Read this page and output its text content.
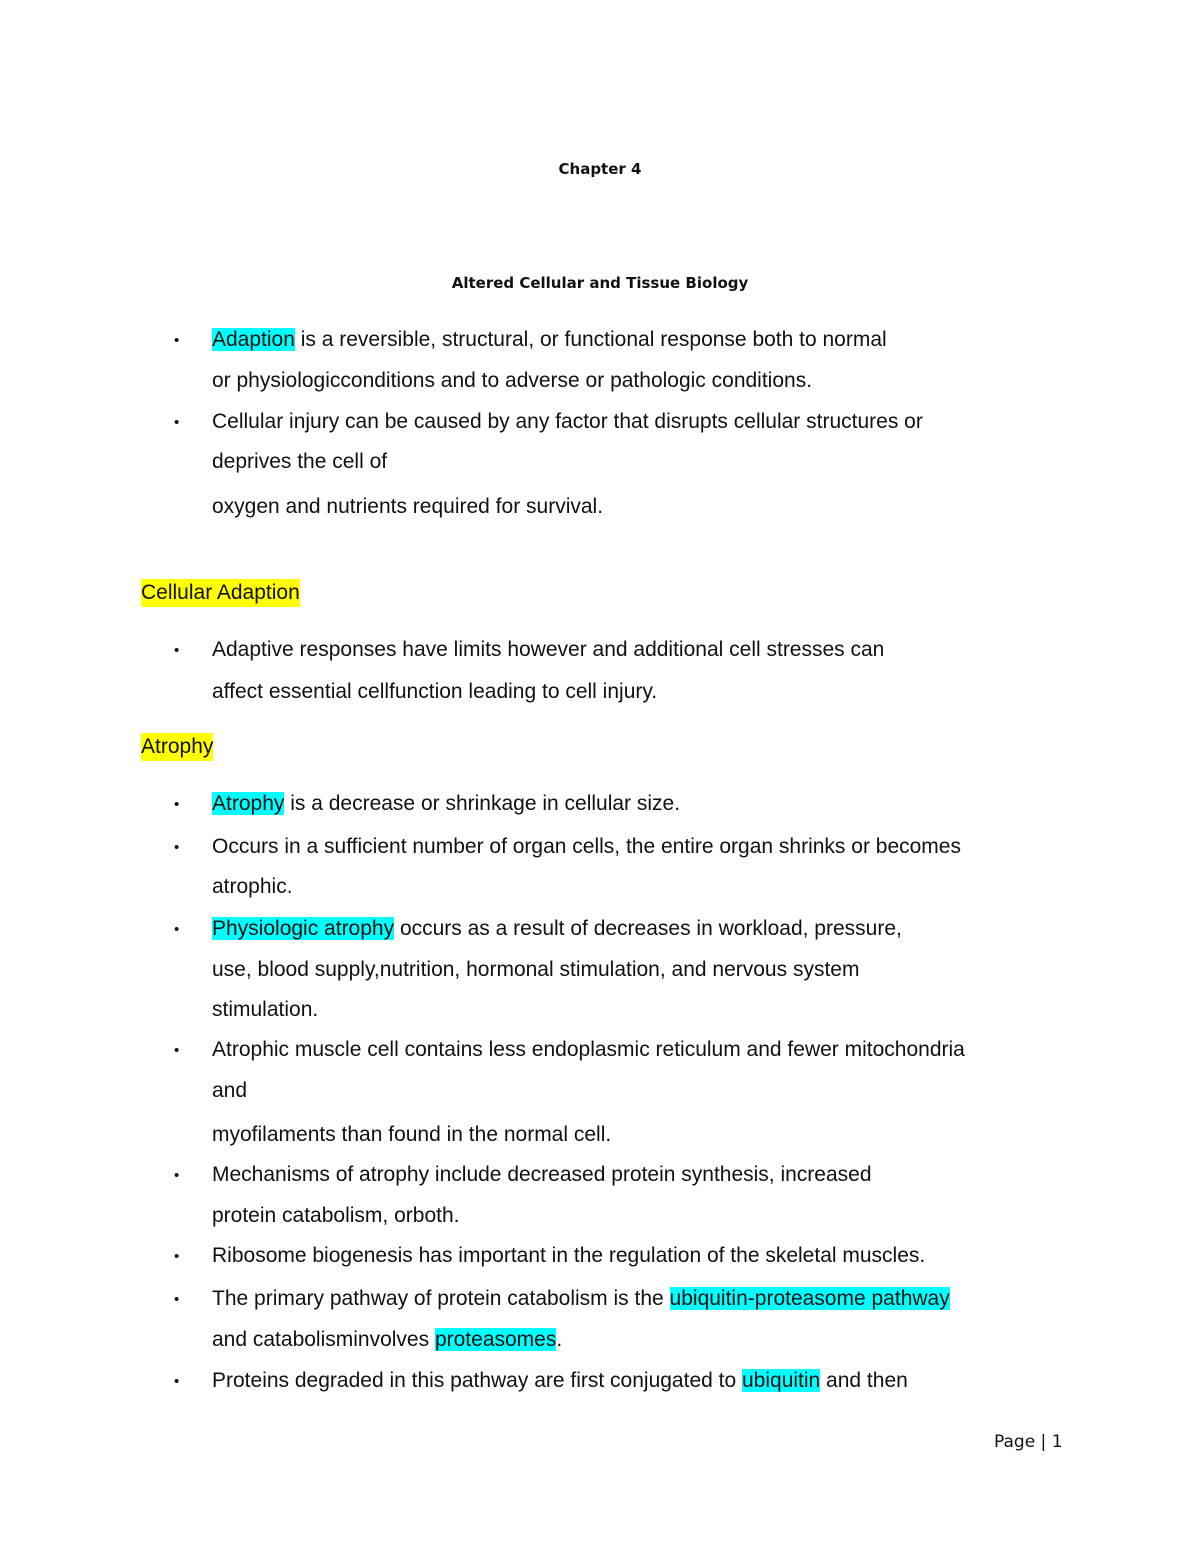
Chapter 4
Altered Cellular and Tissue Biology
• Adaption is a reversible, structural, or functional response both to normal
or physiologicconditions and to adverse or pathologic conditions.
• Cellular injury can be caused by any factor that disrupts cellular structures or
deprives the cell of
oxygen and nutrients required for survival.
Cellular Adaption
• Adaptive responses have limits however and additional cell stresses can
affect essential cellfunction leading to cell injury.
Atrophy
• Atrophy is a decrease or shrinkage in cellular size.
• Occurs in a sufficient number of organ cells, the entire organ shrinks or becomes
atrophic.
• Physiologic atrophy occurs as a result of decreases in workload, pressure,
use, blood supply,nutrition, hormonal stimulation, and nervous system
stimulation.
• Atrophic muscle cell contains less endoplasmic reticulum and fewer mitochondria
and
myofilaments than found in the normal cell.
• Mechanisms of atrophy include decreased protein synthesis, increased
protein catabolism, orboth.
• Ribosome biogenesis has important in the regulation of the skeletal muscles.
• The primary pathway of protein catabolism is the ubiquitin-proteasome pathway
and catabolisminvolves proteasomes.
• Proteins degraded in this pathway are first conjugated to ubiquitin and then
Page | 1
